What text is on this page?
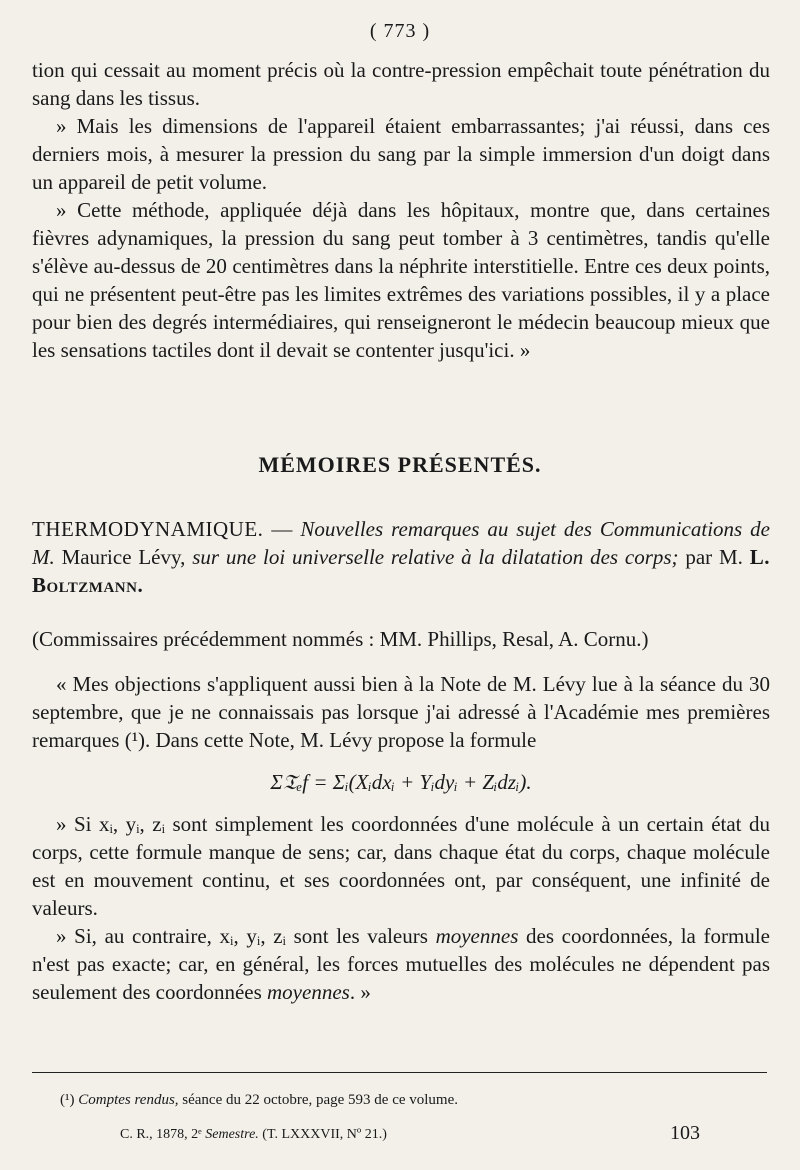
( 773 )

tion qui cessait au moment précis où la contre-pression empêchait toute pénétration du sang dans les tissus.

» Mais les dimensions de l'appareil étaient embarrassantes; j'ai réussi, dans ces derniers mois, à mesurer la pression du sang par la simple immersion d'un doigt dans un appareil de petit volume.

» Cette méthode, appliquée déjà dans les hôpitaux, montre que, dans certaines fièvres adynamiques, la pression du sang peut tomber à 3 centimètres, tandis qu'elle s'élève au-dessus de 20 centimètres dans la néphrite interstitielle. Entre ces deux points, qui ne présentent peut-être pas les limites extrêmes des variations possibles, il y a place pour bien des degrés intermédiaires, qui renseigneront le médecin beaucoup mieux que les sensations tactiles dont il devait se contenter jusqu'ici. »

MÉMOIRES PRÉSENTÉS.
THERMODYNAMIQUE. — Nouvelles remarques au sujet des Communications de M. Maurice Lévy, sur une loi universelle relative à la dilatation des corps; par M. L. Boltzmann.
(Commissaires précédemment nommés : MM. Phillips, Resal, A. Cornu.)

« Mes objections s'appliquent aussi bien à la Note de M. Lévy lue à la séance du 30 septembre, que je ne connaissais pas lorsque j'ai adressé à l'Académie mes premières remarques (¹). Dans cette Note, M. Lévy propose la formule

Σ𝔗ₑf = Σᵢ(Xᵢdxᵢ + Yᵢdyᵢ + Zᵢdzᵢ).

» Si xᵢ, yᵢ, zᵢ sont simplement les coordonnées d'une molécule à un certain état du corps, cette formule manque de sens; car, dans chaque état du corps, chaque molécule est en mouvement continu, et ses coordonnées ont, par conséquent, une infinité de valeurs.

» Si, au contraire, xᵢ, yᵢ, zᵢ sont les valeurs moyennes des coordonnées, la formule n'est pas exacte; car, en général, les forces mutuelles des molécules ne dépendent pas seulement des coordonnées moyennes. »

(¹) Comptes rendus, séance du 22 octobre, page 593 de ce volume.
C. R., 1878, 2ᵉ Semestre. (T. LXXXVII, Nº 21.)	103
